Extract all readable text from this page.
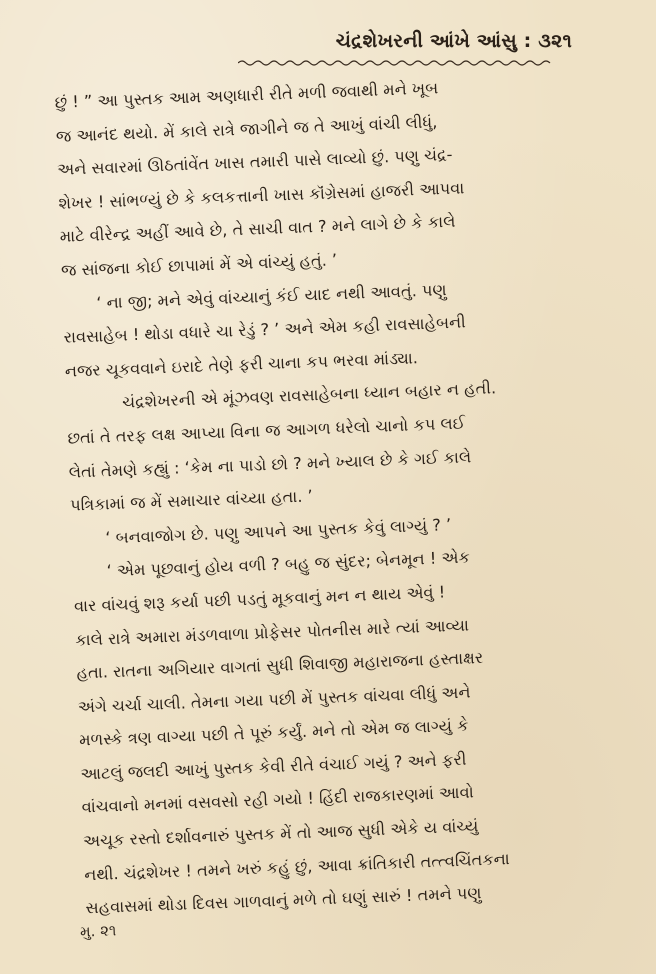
ચંદ્રશેખરની આંખે આંસુ : ૩૨૧
છું ! ” આ પુસ્તક આમ અણધારી રીતે મળી જવાથી મને ખૂબ
જ આનંદ થયો. મેં કાલે રાત્રે જાગીને જ તે આખું વાંચી લીધું,
અને સવારમાં ઊઠતાંવેંત ખાસ તમારી પાસે લાવ્યો છું. પણુ ચંદ્ર-
શેખર ! સાંભળ્યું છે કે કલકત્તાની ખાસ કૉંગ્રેસમાં હાજરી આપવા
માટે વીરેન્દ્ર અહીં આવે છે, તે સાચી વાત ? મને લાગે છે કે કાલે
જ સાંજના કોઈ છાપામાં મેં એ વાંચ્યું હતું. ’
‘ ના જી; મને એવું વાંચ્યાનું કંઈ યાદ નથી આવતું. પણુ
રાવસાહેબ ! થોડા વધારે ચા રેડું ? ’ અને એમ કહી રાવસાહેબની
નજર ચૂકવવાને ઇરાદે તેણે ફરી ચાના કપ ભરવા માંડ્યા.
ચંદ્રશેખરની એ મૂંઝવણ રાવસાહેબના ધ્યાન બહાર ન હતી.
છતાં તે તરફ લક્ષ આપ્યા વિના જ આગળ ધરેલો ચાનો કપ લઈ
લેતાં તેમણે કહ્યું : ‘કેમ ના પાડો છો ? મને ખ્યાલ છે કે ગઈ કાલે
પત્રિકામાં જ મેં સમાચાર વાંચ્યા હતા. ’
‘ બનવાજોગ છે. પણુ આપને આ પુસ્તક કેવું લાગ્યું ? ’
‘ એમ પૂછવાનું હોય વળી ? બહુ જ સુંદર; બેનમૂન ! એક
વાર વાંચવું શરૂ કર્યા પછી પડતું મૂકવાનું મન ન થાય એવું !
કાલે રાત્રે અમારા મંડળવાળા પ્રોફેસર પોતનીસ મારે ત્યાં આવ્યા
હતા. રાતના અગિયાર વાગતાં સુધી શિવાજી મહારાજના હસ્તાક્ષર
અંગે ચર્ચા ચાલી. તેમના ગયા પછી મેં પુસ્તક વાંચવા લીધું અને
મળસ્કે ત્રણ વાગ્યા પછી તે પૂરું કર્યું. મને તો એમ જ લાગ્યું કે
આટલું જલદી આખું પુસ્તક કેવી રીતે વંચાઈ ગયું ? અને ફરી
વાંચવાનો મનમાં વસવસો રહી ગયો ! હિંદી રાજકારણમાં આવો
અચૂક રસ્તો દર્શાવનારું પુસ્તક મેં તો આજ સુધી એકે ય વાંચ્યું
નથી. ચંદ્રશેખર ! તમને ખરું કહું છું, આવા ક્રાંતિકારી તત્ત્વચિંતકના
સહવાસમાં થોડા દિવસ ગાળવાનું મળે તો ઘણું સારું ! તમને પણુ
મુ. ૨૧
